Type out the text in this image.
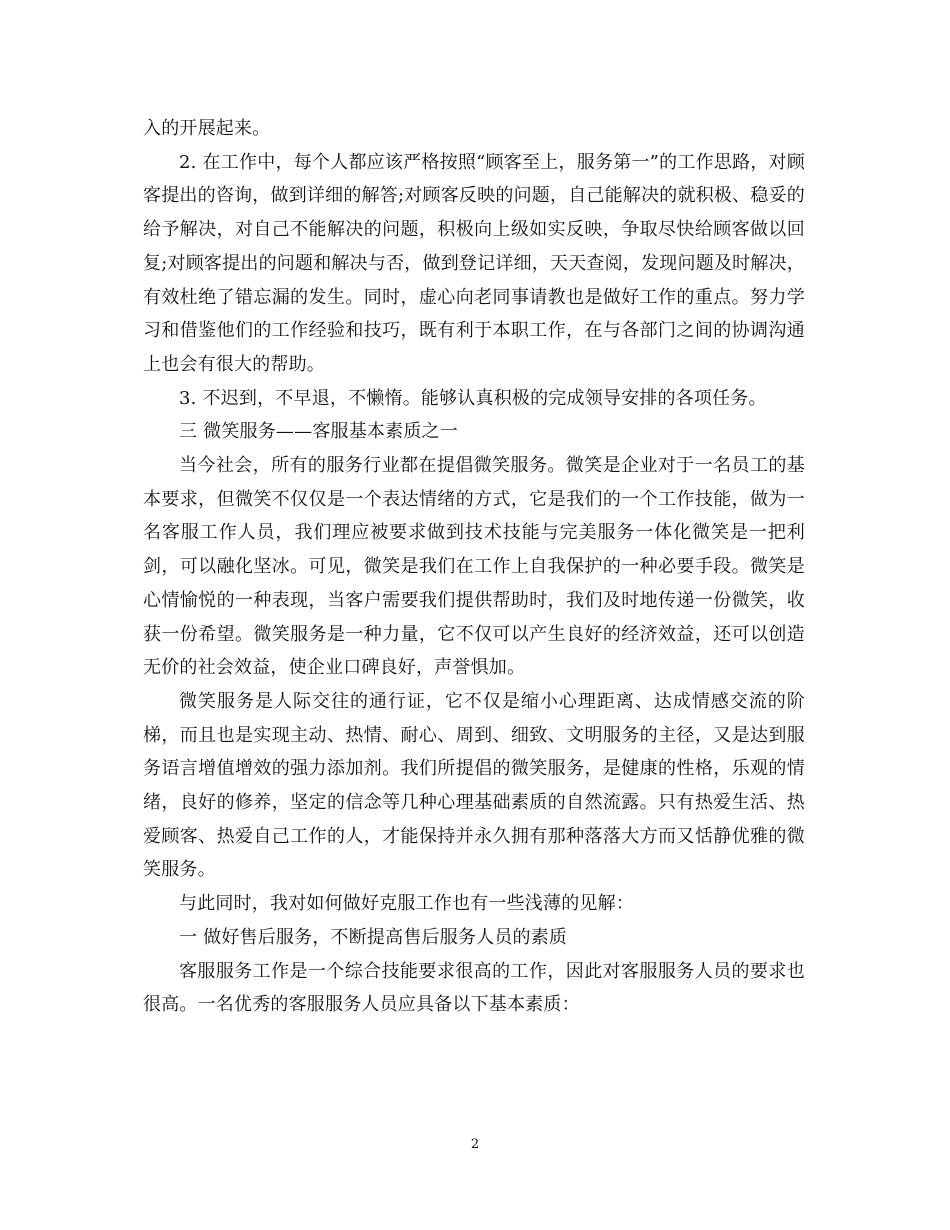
入的开展起来。

2. 在工作中，每个人都应该严格按照“顾客至上，服务第一”的工作思路，对顾客提出的咨询，做到详细的解答;对顾客反映的问题，自己能解决的就积极、稳妥的给予解决，对自己不能解决的问题，积极向上级如实反映，争取尽快给顾客做以回复;对顾客提出的问题和解决与否，做到登记详细，天天查阅，发现问题及时解决，有效杜绝了错忘漏的发生。同时，虚心向老同事请教也是做好工作的重点。努力学习和借鉴他们的工作经验和技巧，既有利于本职工作，在与各部门之间的协调沟通上也会有很大的帮助。

3. 不迟到，不早退，不懒惰。能够认真积极的完成领导安排的各项任务。

三 微笑服务——客服基本素质之一

当今社会，所有的服务行业都在提倡微笑服务。微笑是企业对于一名员工的基本要求，但微笑不仅仅是一个表达情绪的方式，它是我们的一个工作技能，做为一名客服工作人员，我们理应被要求做到技术技能与完美服务一体化微笑是一把利剑，可以融化坚冰。可见，微笑是我们在工作上自我保护的一种必要手段。微笑是心情愉悦的一种表现，当客户需要我们提供帮助时，我们及时地传递一份微笑，收获一份希望。微笑服务是一种力量，它不仅可以产生良好的经济效益，还可以创造无价的社会效益，使企业口碑良好，声誉惧加。

微笑服务是人际交往的通行证，它不仅是缩小心理距离、达成情感交流的阶梯，而且也是实现主动、热情、耐心、周到、细致、文明服务的主径，又是达到服务语言增值增效的强力添加剂。我们所提倡的微笑服务，是健康的性格，乐观的情绪，良好的修养，坚定的信念等几种心理基础素质的自然流露。只有热爱生活、热爱顾客、热爱自己工作的人，才能保持并永久拥有那种落落大方而又恬静优雅的微笑服务。

与此同时，我对如何做好克服工作也有一些浅薄的见解：

一 做好售后服务，不断提高售后服务人员的素质

客服服务工作是一个综合技能要求很高的工作，因此对客服服务人员的要求也很高。一名优秀的客服服务人员应具备以下基本素质：

2
